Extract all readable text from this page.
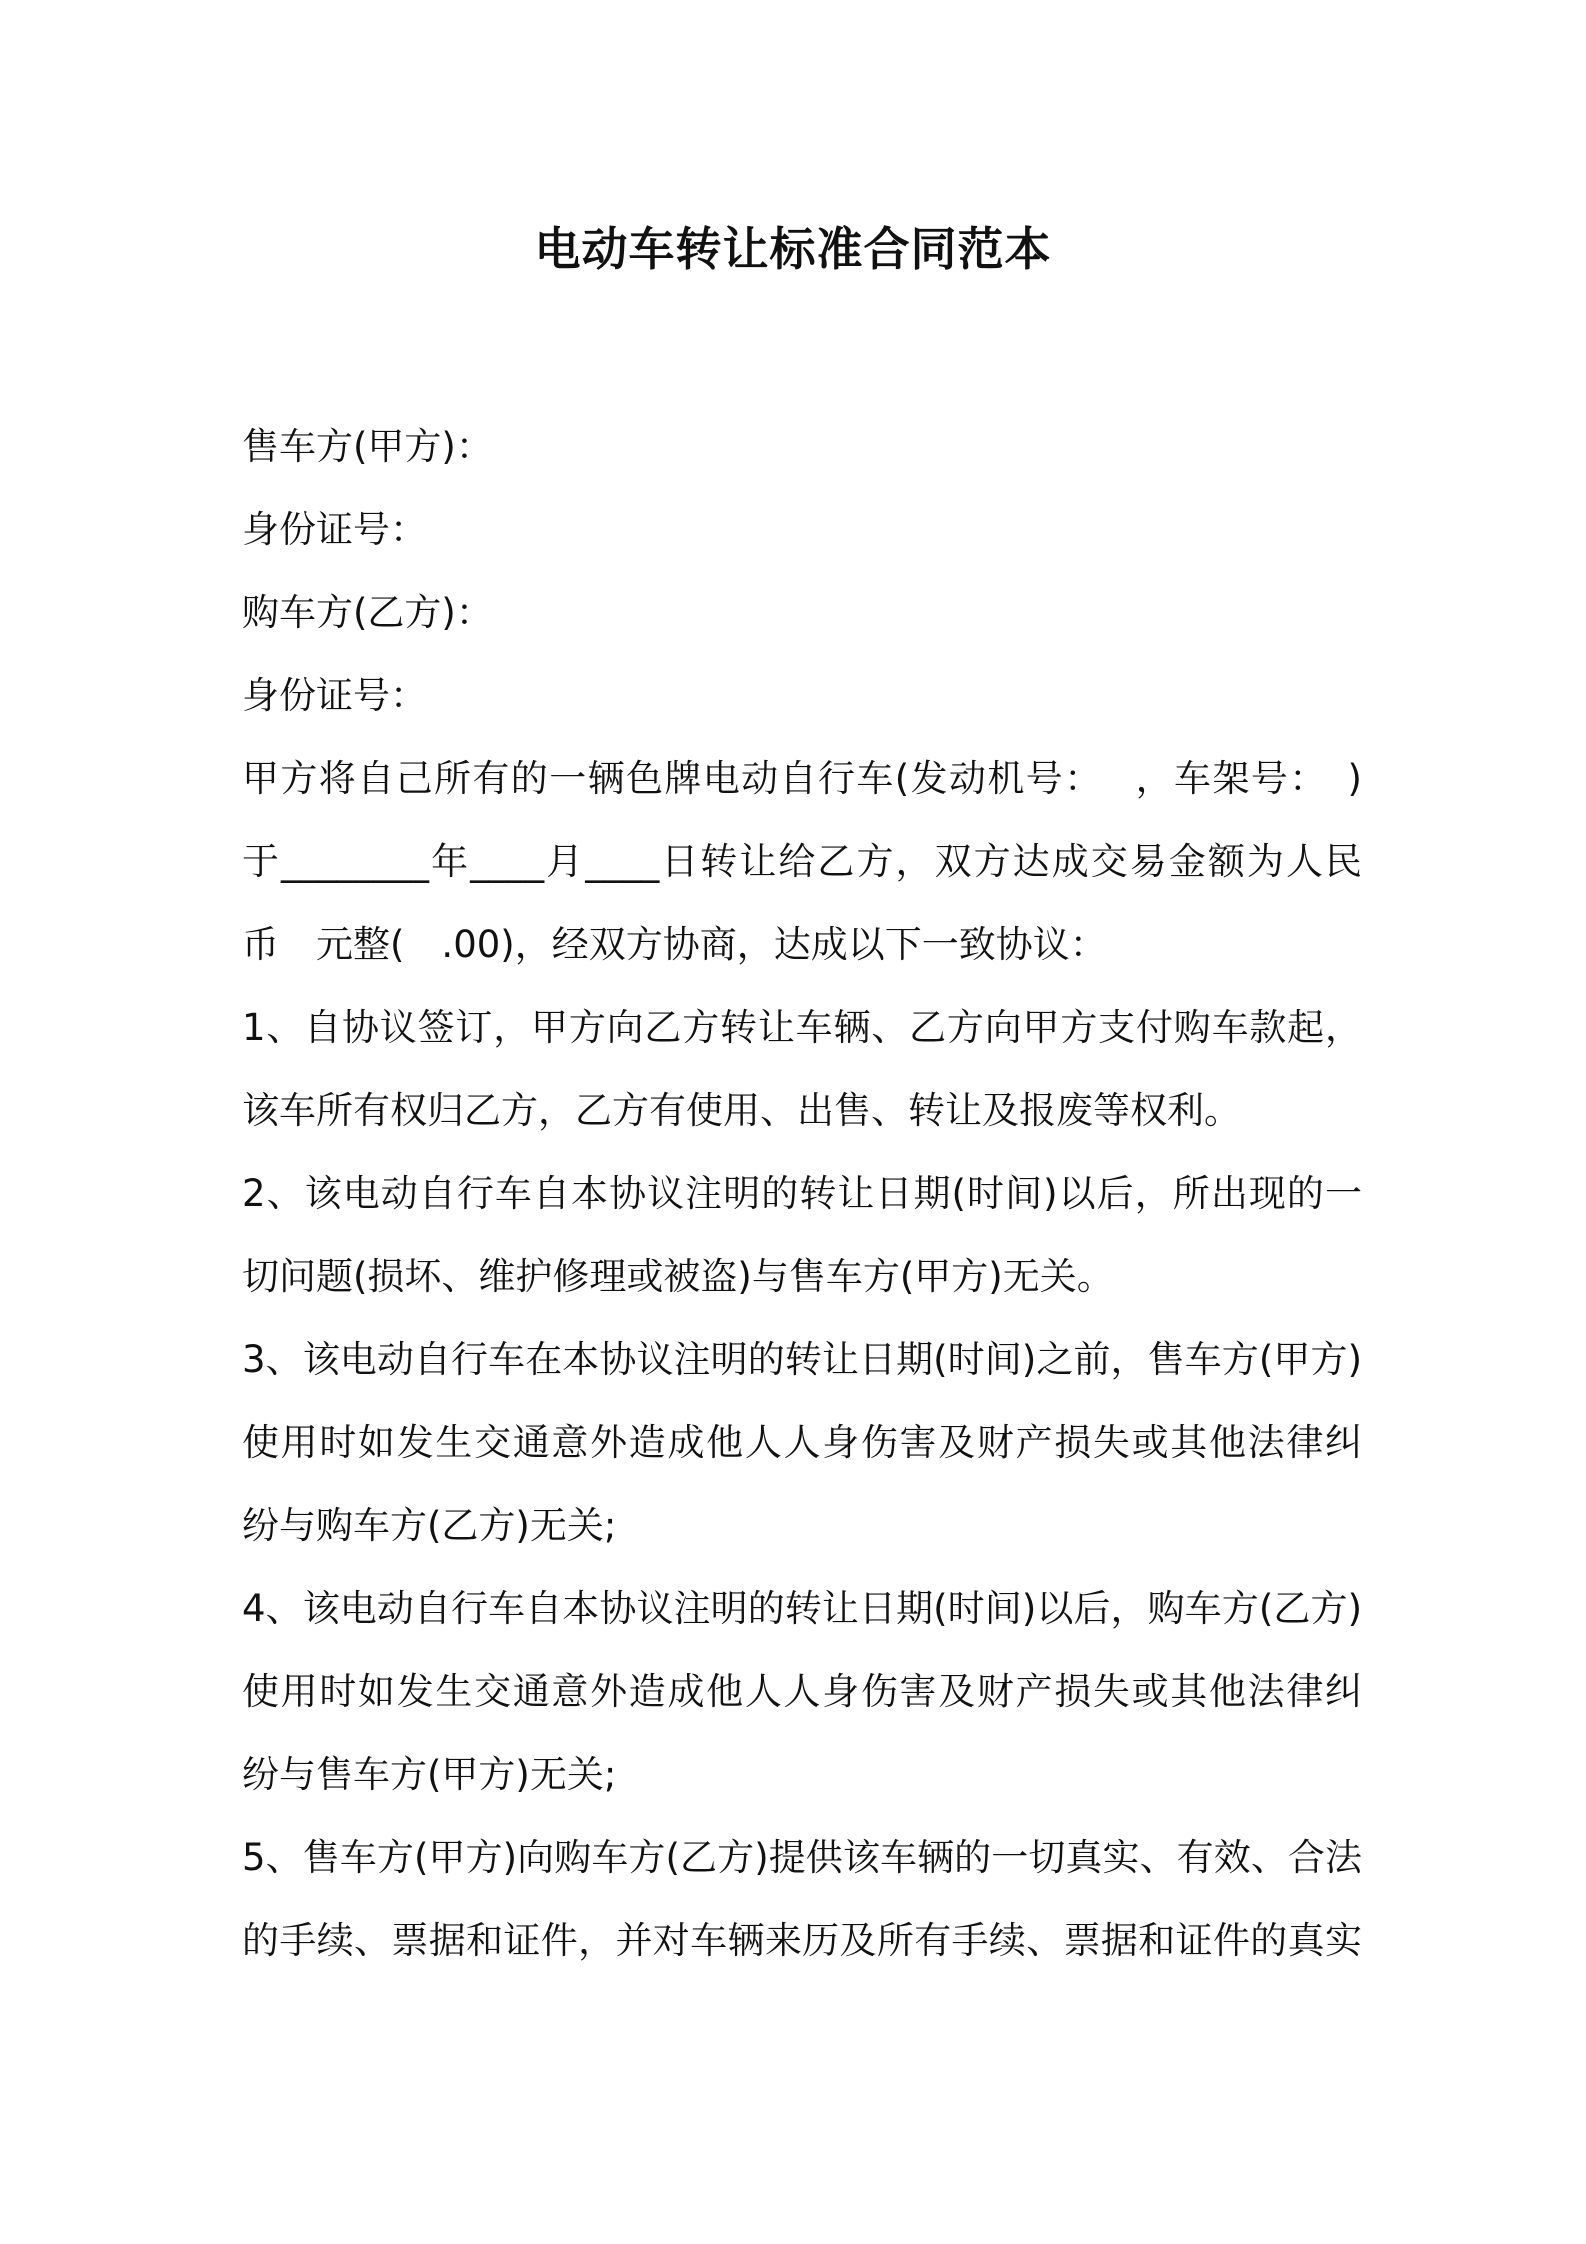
电动车转让标准合同范本
售车方(甲方)：
身份证号：
购车方(乙方)：
身份证号：
甲方将自己所有的一辆色牌电动自行车(发动机号：　 ，车架号：　)
于________年____月____日转让给乙方，双方达成交易金额为人民
币　元整(　.00)，经双方协商，达成以下一致协议：
1、自协议签订，甲方向乙方转让车辆、乙方向甲方支付购车款起，
该车所有权归乙方，乙方有使用、出售、转让及报废等权利。
2、该电动自行车自本协议注明的转让日期(时间)以后，所出现的一
切问题(损坏、维护修理或被盗)与售车方(甲方)无关。
3、该电动自行车在本协议注明的转让日期(时间)之前，售车方(甲方)
使用时如发生交通意外造成他人人身伤害及财产损失或其他法律纠
纷与购车方(乙方)无关;
4、该电动自行车自本协议注明的转让日期(时间)以后，购车方(乙方)
使用时如发生交通意外造成他人人身伤害及财产损失或其他法律纠
纷与售车方(甲方)无关;
5、售车方(甲方)向购车方(乙方)提供该车辆的一切真实、有效、合法
的手续、票据和证件，并对车辆来历及所有手续、票据和证件的真实
